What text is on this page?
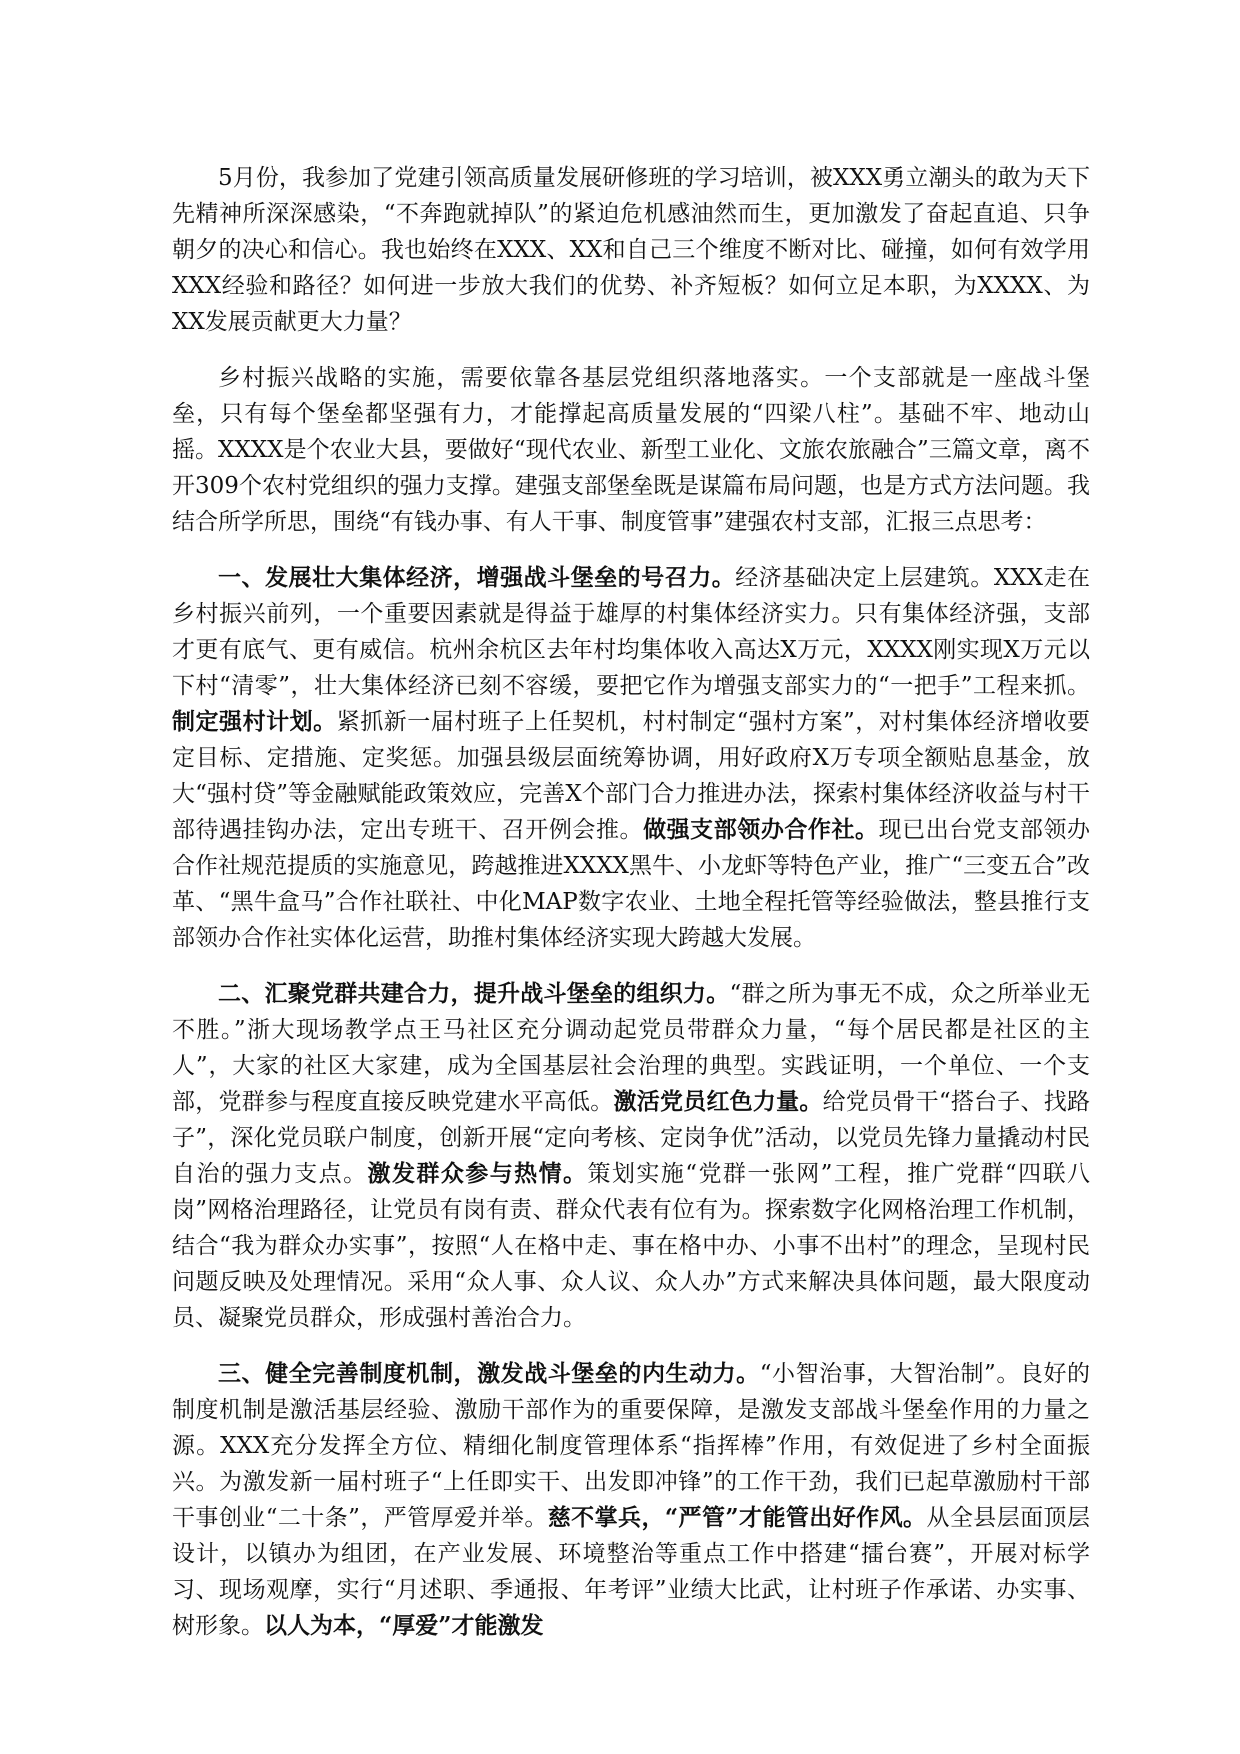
5月份，我参加了党建引领高质量发展研修班的学习培训，被XXX勇立潮头的敢为天下先精神所深深感染，“不奔跑就掉队”的紧迫危机感油然而生，更加激发了奋起直追、只争朝夕的决心和信心。我也始终在XXX、XX和自己三个维度不断对比、碰撞，如何有效学用XXX经验和路径？如何进一步放大我们的优势、补齐短板？如何立足本职，为XXXX、为XX发展贡献更大力量？

乡村振兴战略的实施，需要依靠各基层党组织落地落实。一个支部就是一座战斗堡垒，只有每个堡垒都坚强有力，才能撑起高质量发展的“四梁八柱”。基础不牢、地动山摇。XXXX是个农业大县，要做好“现代农业、新型工业化、文旅农旅融合”三篇文章，离不开309个农村党组织的强力支撑。建强支部堡垒既是谋篇布局问题，也是方式方法问题。我结合所学所思，围绕“有钱办事、有人干事、制度管事”建强农村支部，汇报三点思考：

一、发展壮大集体经济，增强战斗堡垒的号召力。经济基础决定上层建筑。XXX走在乡村振兴前列，一个重要因素就是得益于雄厚的村集体经济实力。只有集体经济强，支部才更有底气、更有威信。杭州余杭区去年村均集体收入高达X万元，XXXX刚实现X万元以下村“清零”，壮大集体经济已刻不容缓，要把它作为增强支部实力的“一把手”工程来抓。制定强村计划。紧抓新一届村班子上任契机，村村制定“强村方案”，对村集体经济增收要定目标、定措施、定奖惩。加强县级层面统筹协调，用好政府X万专项全额贴息基金，放大“强村贷”等金融赋能政策效应，完善X个部门合力推进办法，探索村集体经济收益与村干部待遇挂钩办法，定出专班干、召开例会推。做强支部领办合作社。现已出台党支部领办合作社规范提质的实施意见，跨越推进XXXX黑牛、小龙虾等特色产业，推广“三变五合”改革、“黑牛盒马”合作社联社、中化MAP数字农业、土地全程托管等经验做法，整县推行支部领办合作社实体化运营，助推村集体经济实现大跨越大发展。

二、汇聚党群共建合力，提升战斗堡垒的组织力。“群之所为事无不成，众之所举业无不胜。”浙大现场教学点王马社区充分调动起党员带群众力量，“每个居民都是社区的主人”，大家的社区大家建，成为全国基层社会治理的典型。实践证明，一个单位、一个支部，党群参与程度直接反映党建水平高低。激活党员红色力量。给党员骨干“搭台子、找路子”，深化党员联户制度，创新开展“定向考核、定岗争优”活动，以党员先锋力量撬动村民自治的强力支点。激发群众参与热情。策划实施“党群一张网”工程，推广党群“四联八岗”网格治理路径，让党员有岗有责、群众代表有位有为。探索数字化网格治理工作机制，结合“我为群众办实事”，按照“人在格中走、事在格中办、小事不出村”的理念，呈现村民问题反映及处理情况。采用“众人事、众人议、众人办”方式来解决具体问题，最大限度动员、凝聚党员群众，形成强村善治合力。

三、健全完善制度机制，激发战斗堡垒的内生动力。“小智治事，大智治制”。良好的制度机制是激活基层经验、激励干部作为的重要保障，是激发支部战斗堡垒作用的力量之源。XXX充分发挥全方位、精细化制度管理体系“指挥棒”作用，有效促进了乡村全面振兴。为激发新一届村班子“上任即实干、出发即冲锋”的工作干劲，我们已起草激励村干部干事创业“二十条”，严管厚爱并举。慈不掌兵，“严管”才能管出好作风。从全县层面顶层设计，以镇办为组团，在产业发展、环境整治等重点工作中搭建“擂台赛”，开展对标学习、现场观摩，实行“月述职、季通报、年考评”业绩大比武，让村班子作承诺、办实事、树形象。以人为本，“厚爱”才能激发
